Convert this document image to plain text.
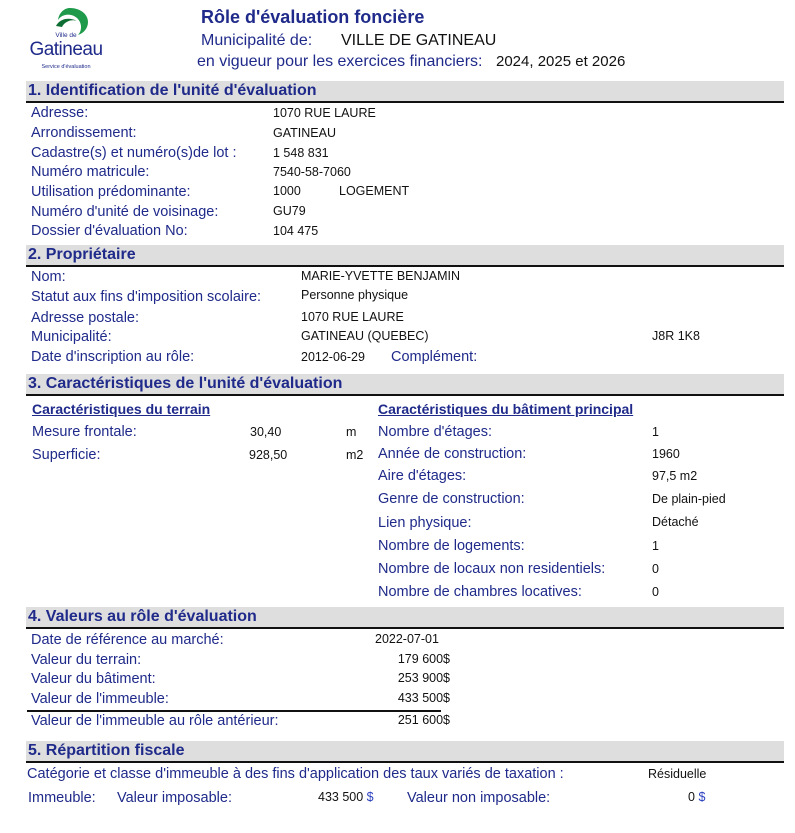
Ville de
Gatineau
Service d'évaluation
Rôle d'évaluation foncière
Municipalité de: VILLE DE GATINEAU
en vigueur pour les exercices financiers: 2024, 2025 et 2026
1. Identification de l'unité d'évaluation
Adresse:	1070 RUE LAURE
Arrondissement:	GATINEAU
Cadastre(s) et numéro(s)de lot :	1 548 831
Numéro matricule:	7540-58-7060
Utilisation prédominante:	1000	LOGEMENT
Numéro d'unité de voisinage:	GU79
Dossier d'évaluation No:	104 475
2. Propriétaire
Nom:	MARIE-YVETTE BENJAMIN
Statut aux fins d'imposition scolaire:	Personne physique
Adresse postale:	1070 RUE LAURE
Municipalité:	GATINEAU (QUEBEC)	J8R 1K8
Date d'inscription au rôle:	2012-06-29 Complément:
3. Caractéristiques de l'unité d'évaluation
Caractéristiques du terrain	Caractéristiques du bâtiment principal
Mesure frontale:	30,40	m
Superficie:	928,50	m2
Nombre d'étages:	1
Année de construction:	1960
Aire d'étages:	97,5 m2
Genre de construction:	De plain-pied
Lien physique:	Détaché
Nombre de logements:	1
Nombre de locaux non residentiels:	0
Nombre de chambres locatives:	0
4. Valeurs au rôle d'évaluation
Date de référence au marché:	2022-07-01
Valeur du terrain:	179 600$
Valeur du bâtiment:	253 900$
Valeur de l'immeuble:	433 500$
Valeur de l'immeuble au rôle antérieur:	251 600$
5. Répartition fiscale
Catégorie et classe d'immeuble à des fins d'application des taux variés de taxation :	Résiduelle
Immeuble: Valeur imposable:	433 500 $ Valeur non imposable:	0 $
